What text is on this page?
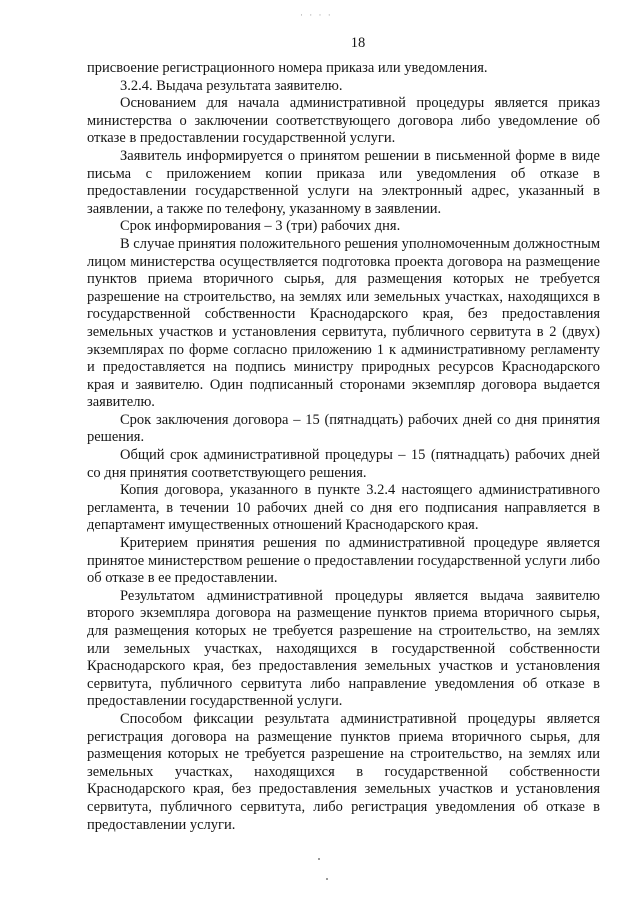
· · · ·
18

присвоение регистрационного номера приказа или уведомления.

3.2.4. Выдача результата заявителю.

Основанием для начала административной процедуры является приказ министерства о заключении соответствующего договора либо уведомление об отказе в предоставлении государственной услуги.

Заявитель информируется о принятом решении в письменной форме в виде письма с приложением копии приказа или уведомления об отказе в предоставлении государственной услуги на электронный адрес, указанный в заявлении, а также по телефону, указанному в заявлении.

Срок информирования – 3 (три) рабочих дня.

В случае принятия положительного решения уполномоченным должностным лицом министерства осуществляется подготовка проекта договора на размещение пунктов приема вторичного сырья, для размещения которых не требуется разрешение на строительство, на землях или земельных участках, находящихся в государственной собственности Краснодарского края, без предоставления земельных участков и установления сервитута, публичного сервитута в 2 (двух) экземплярах по форме согласно приложению 1 к административному регламенту и предоставляется на подпись министру природных ресурсов Краснодарского края и заявителю. Один подписанный сторонами экземпляр договора выдается заявителю.

Срок заключения договора – 15 (пятнадцать) рабочих дней со дня принятия решения.

Общий срок административной процедуры – 15 (пятнадцать) рабочих дней со дня принятия соответствующего решения.

Копия договора, указанного в пункте 3.2.4 настоящего административного регламента, в течении 10 рабочих дней со дня его подписания направляется в департамент имущественных отношений Краснодарского края.

Критерием принятия решения по административной процедуре является принятое министерством решение о предоставлении государственной услуги либо об отказе в ее предоставлении.

Результатом административной процедуры является выдача заявителю второго экземпляра договора на размещение пунктов приема вторичного сырья, для размещения которых не требуется разрешение на строительство, на землях или земельных участках, находящихся в государственной собственности Краснодарского края, без предоставления земельных участков и установления сервитута, публичного сервитута либо направление уведомления об отказе в предоставлении государственной услуги.

Способом фиксации результата административной процедуры является регистрация договора на размещение пунктов приема вторичного сырья, для размещения которых не требуется разрешение на строительство, на землях или земельных участках, находящихся в государственной собственности Краснодарского края, без предоставления земельных участков и установления сервитута, публичного сервитута, либо регистрация уведомления об отказе в предоставлении услуги.
